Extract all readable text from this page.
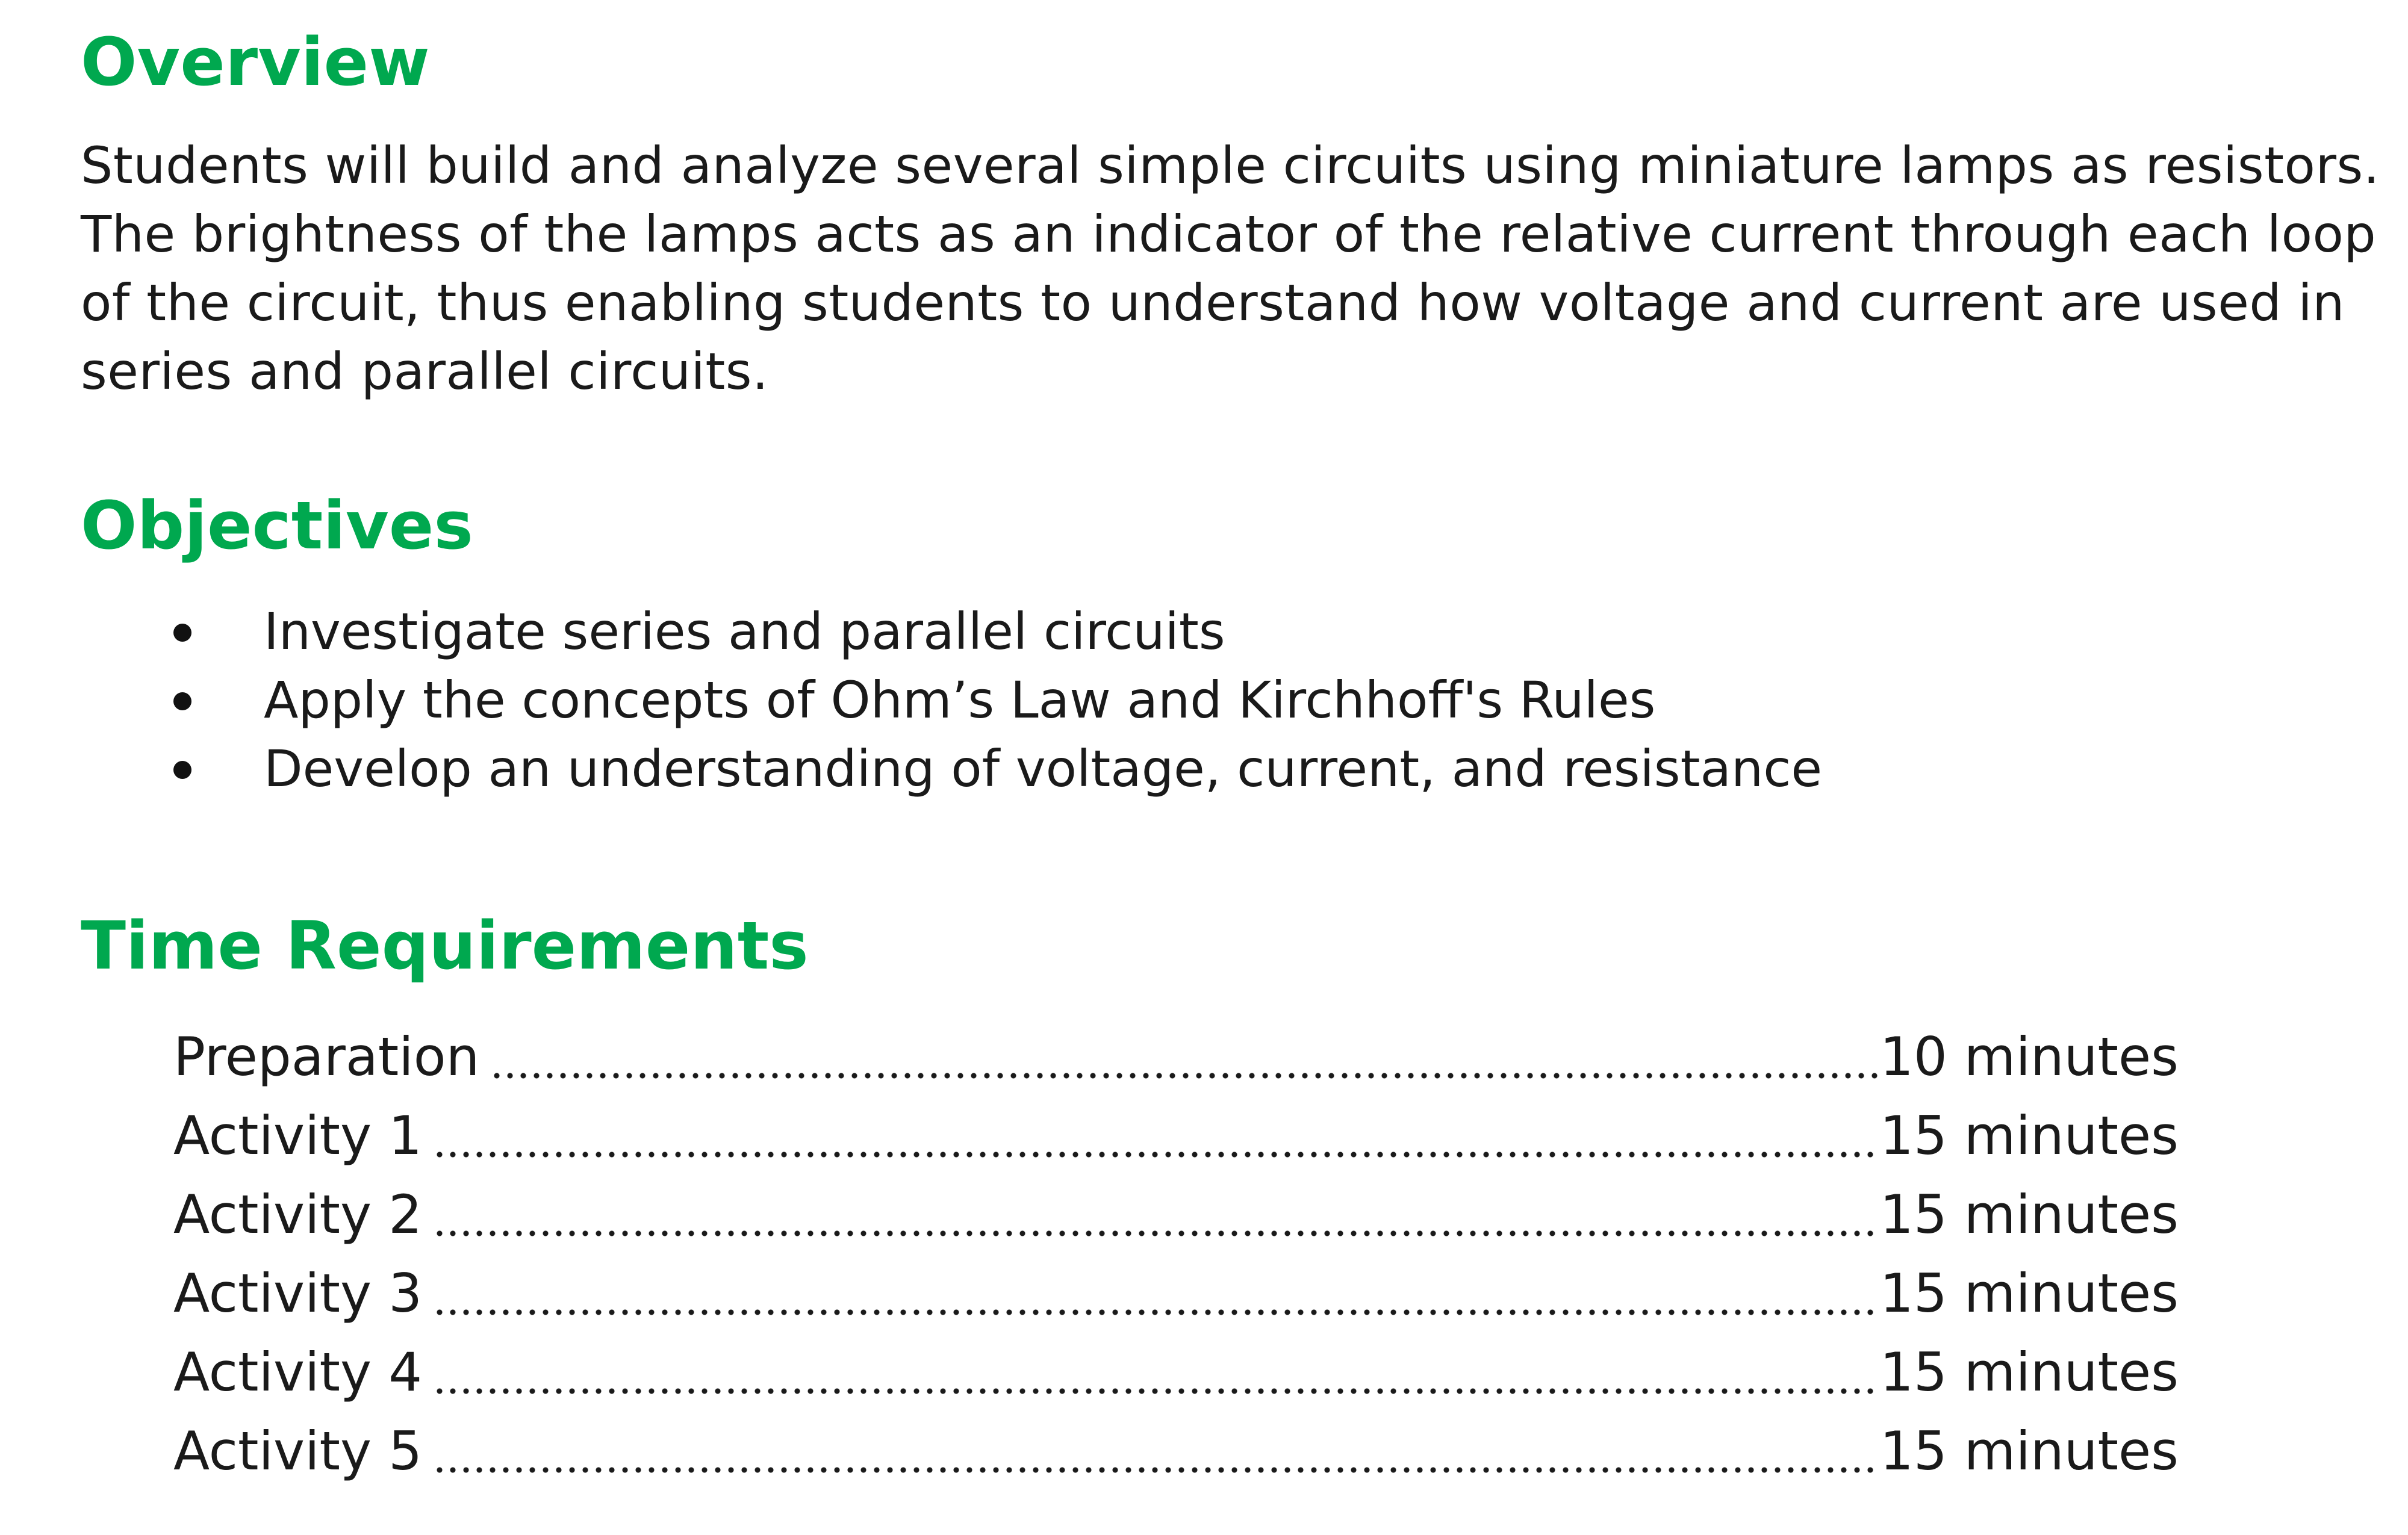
Overview

Students will build and analyze several simple circuits using miniature lamps as resistors. The brightness of the lamps acts as an indicator of the relative current through each loop of the circuit, thus enabling students to understand how voltage and current are used in series and parallel circuits.

Objectives
Investigate series and parallel circuits
Apply the concepts of Ohm’s Law and Kirchhoff's Rules
Develop an understanding of voltage, current, and resistance
Time Requirements
Preparation	10 minutes
Activity 1	15 minutes
Activity 2	15 minutes
Activity 3	15 minutes
Activity 4	15 minutes
Activity 5	15 minutes
